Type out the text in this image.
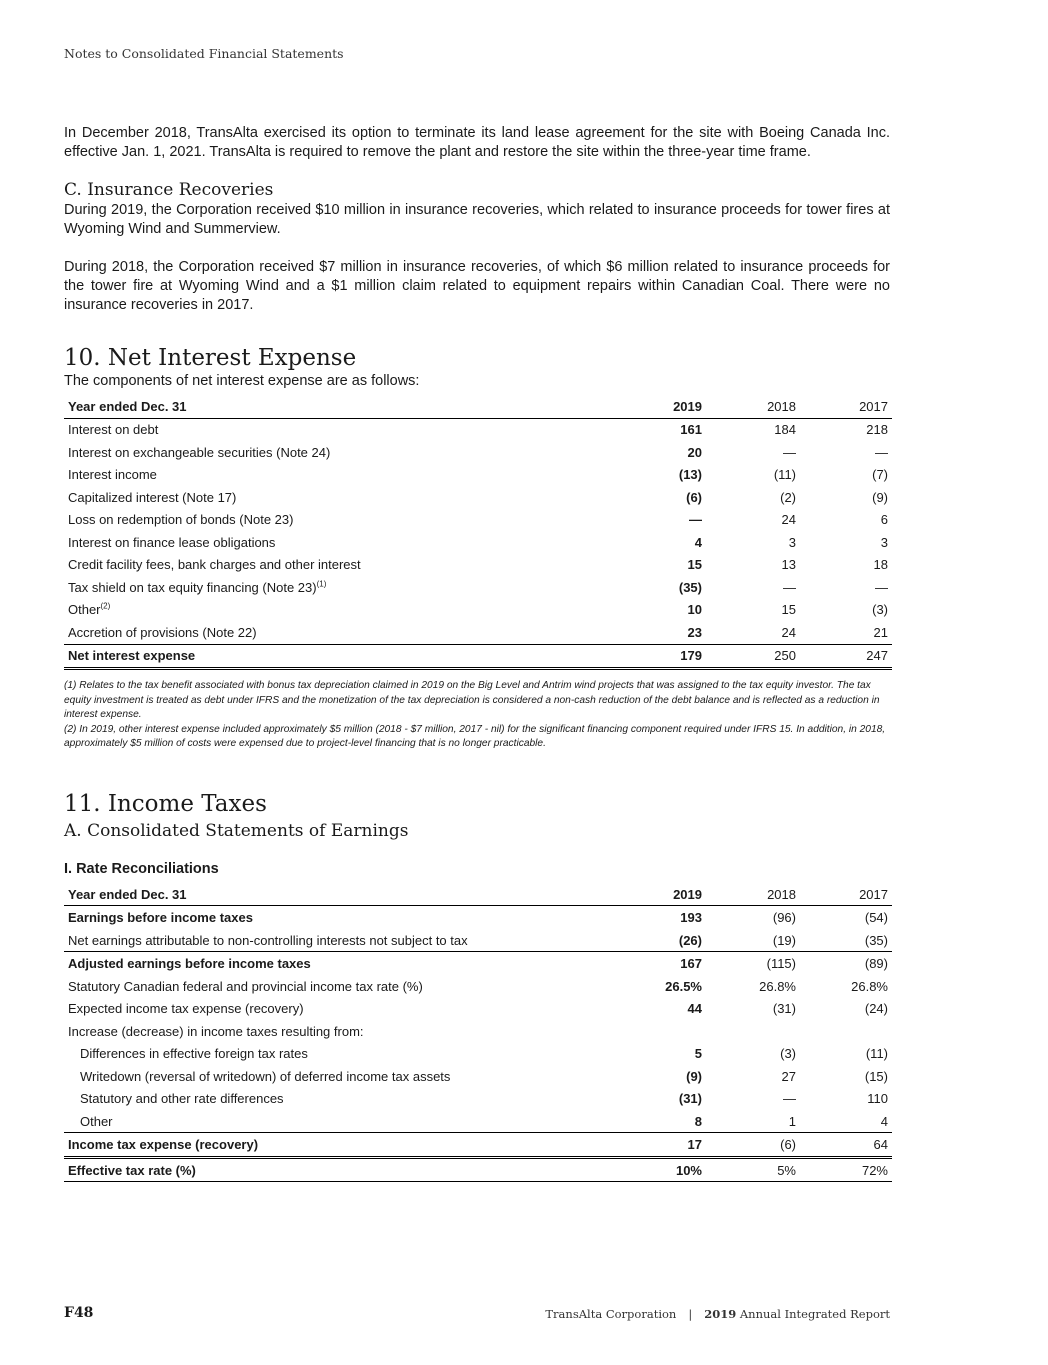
Notes to Consolidated Financial Statements

In December 2018, TransAlta exercised its option to terminate its land lease agreement for the site with Boeing Canada Inc. effective Jan. 1, 2021. TransAlta is required to remove the plant and restore the site within the three-year time frame.

C. Insurance Recoveries

During 2019, the Corporation received $10 million in insurance recoveries, which related to insurance proceeds for tower fires at Wyoming Wind and Summerview.

During 2018, the Corporation received $7 million in insurance recoveries, of which $6 million related to insurance proceeds for the tower fire at Wyoming Wind and a $1 million claim related to equipment repairs within Canadian Coal. There were no insurance recoveries in 2017.

10. Net Interest Expense

The components of net interest expense are as follows:

Year ended Dec. 31	2019	2018	2017
Interest on debt	161	184	218
Interest on exchangeable securities (Note 24)	20	—	—
Interest income	(13)	(11)	(7)
Capitalized interest (Note 17)	(6)	(2)	(9)
Loss on redemption of bonds (Note 23)	—	24	6
Interest on finance lease obligations	4	3	3
Credit facility fees, bank charges and other interest	15	13	18
Tax shield on tax equity financing (Note 23)$^{(1)}$	(35)	—	—
Other$^{(2)}$	10	15	(3)
Accretion of provisions (Note 22)	23	24	21
Net interest expense	179	250	247

(1) Relates to the tax benefit associated with bonus tax depreciation claimed in 2019 on the Big Level and Antrim wind projects that was assigned to the tax equity investor. The tax equity investment is treated as debt under IFRS and the monetization of the tax depreciation is considered a non-cash reduction of the debt balance and is reflected as a reduction in interest expense.

(2) In 2019, other interest expense included approximately $5 million (2018 - $7 million, 2017 - nil) for the significant financing component required under IFRS 15. In addition, in 2018, approximately $5 million of costs were expensed due to project-level financing that is no longer practicable.

11. Income Taxes
A. Consolidated Statements of Earnings

I. Rate Reconciliations

Year ended Dec. 31	2019	2018	2017
Earnings before income taxes	193	(96)	(54)
Net earnings attributable to non-controlling interests not subject to tax	(26)	(19)	(35)
Adjusted earnings before income taxes	167	(115)	(89)
Statutory Canadian federal and provincial income tax rate (%)	26.5%	26.8%	26.8%
Expected income tax expense (recovery)	44	(31)	(24)
Increase (decrease) in income taxes resulting from:			
Differences in effective foreign tax rates	5	(3)	(11)
Writedown (reversal of writedown) of deferred income tax assets	(9)	27	(15)
Statutory and other rate differences	(31)	—	110
Other	8	1	4
Income tax expense (recovery)	17	(6)	64
Effective tax rate (%)	10%	5%	72%
F48	TransAlta Corporation | 2019 Annual Integrated Report
